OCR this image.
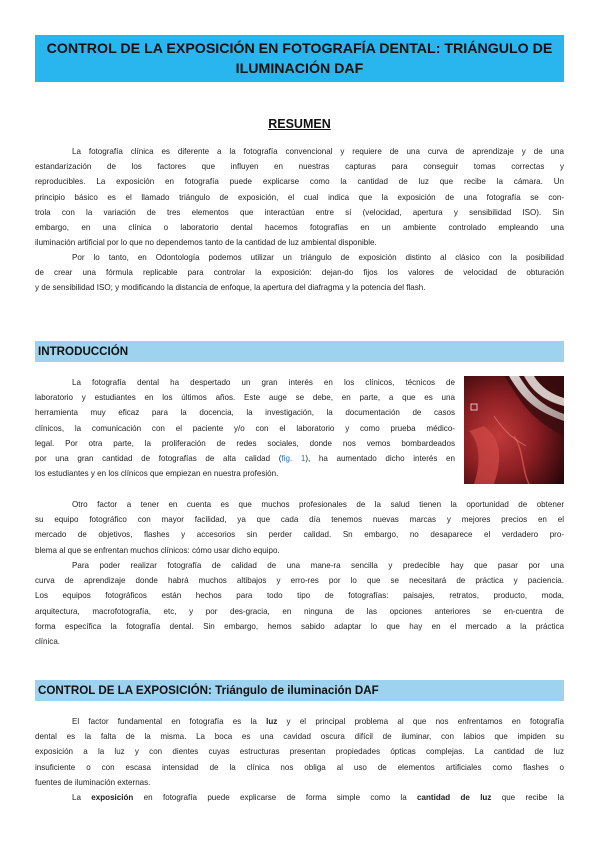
CONTROL DE LA EXPOSICIÓN EN FOTOGRAFÍA DENTAL: TRIÁNGULO DE
ILUMINACIÓN DAF
RESUMEN
La fotografía clínica es diferente a la fotografía convencional y requiere de una curva de aprendizaje y de una
estandarización de los factores que influyen en nuestras capturas para conseguir tomas correctas y
reproducibles. La exposición en fotografía puede explicarse como la cantidad de luz que recibe la cámara. Un
principio básico es el llamado triángulo de exposición, el cual indica que la exposición de una fotografía se con-
trola con la variación de tres elementos que interactúan entre sí (velocidad, apertura y sensibilidad ISO). Sin
embargo, en una clínica o laboratorio dental hacemos fotografías en un ambiente controlado empleando una
iluminación artificial por lo que no dependemos tanto de la cantidad de luz ambiental disponible.
Por lo tanto, en Odontología podemos utilizar un triángulo de exposición distinto al clásico con la posibilidad
de crear una fórmula replicable para controlar la exposición: dejan-do fijos los valores de velocidad de obturación
y de sensibilidad ISO; y modificando la distancia de enfoque, la apertura del diafragma y la potencia del flash.
INTRODUCCIÓN
La fotografía dental ha despertado un gran interés en los clínicos, técnicos de
laboratorio y estudiantes en los últimos años. Este auge se debe, en parte, a que es una
herramienta muy eficaz para la docencia, la investigación, la documentación de casos
clínicos, la comunicación con el paciente y/o con el laboratorio y como prueba médico-
legal. Por otra parte, la proliferación de redes sociales, donde nos vemos bombardeados
por una gran cantidad de fotografías de alta calidad (fig. 1), ha aumentado dicho interés en
los estudiantes y en los clínicos que empiezan en nuestra profesión.
Otro factor a tener en cuenta es que muchos profesionales de la salud tienen la oportunidad de obtener
su equipo fotográfico con mayor facilidad, ya que cada día tenemos nuevas marcas y mejores precios en el
mercado de objetivos, flashes y accesorios sin perder calidad. Sn embargo, no desaparece el verdadero pro-
blema al que se enfrentan muchos clínicos: cómo usar dicho equipo.
Para poder realizar fotografía de calidad de una mane-ra sencilla y predecible hay que pasar por una
curva de aprendizaje donde habrá muchos altibajos y erro-res por lo que se necesitará de práctica y paciencia.
Los equipos fotográficos están hechos para todo tipo de fotografías: paisajes, retratos, producto, moda,
arquitectura, macrofotografía, etc, y por des-gracia, en ninguna de las opciones anteriores se en-cuentra de
forma específica la fotografía dental. Sin embargo, hemos sabido adaptar lo que hay en el mercado a la práctica
clínica.
CONTROL DE LA EXPOSICIÓN: Triángulo de iluminación DAF
El factor fundamental en fotografía es la luz y el principal problema al que nos enfrentamos en fotografía
dental es la falta de la misma. La boca es una cavidad oscura difícil de iluminar, con labios que impiden su
exposición a la luz y con dientes cuyas estructuras presentan propiedades ópticas complejas. La cantidad de luz
insuficiente o con escasa intensidad de la clínica nos obliga al uso de elementos artificiales como flashes o
fuentes de iluminación externas.
La exposición en fotografía puede explicarse de forma simple como la cantidad de luz que recibe la
